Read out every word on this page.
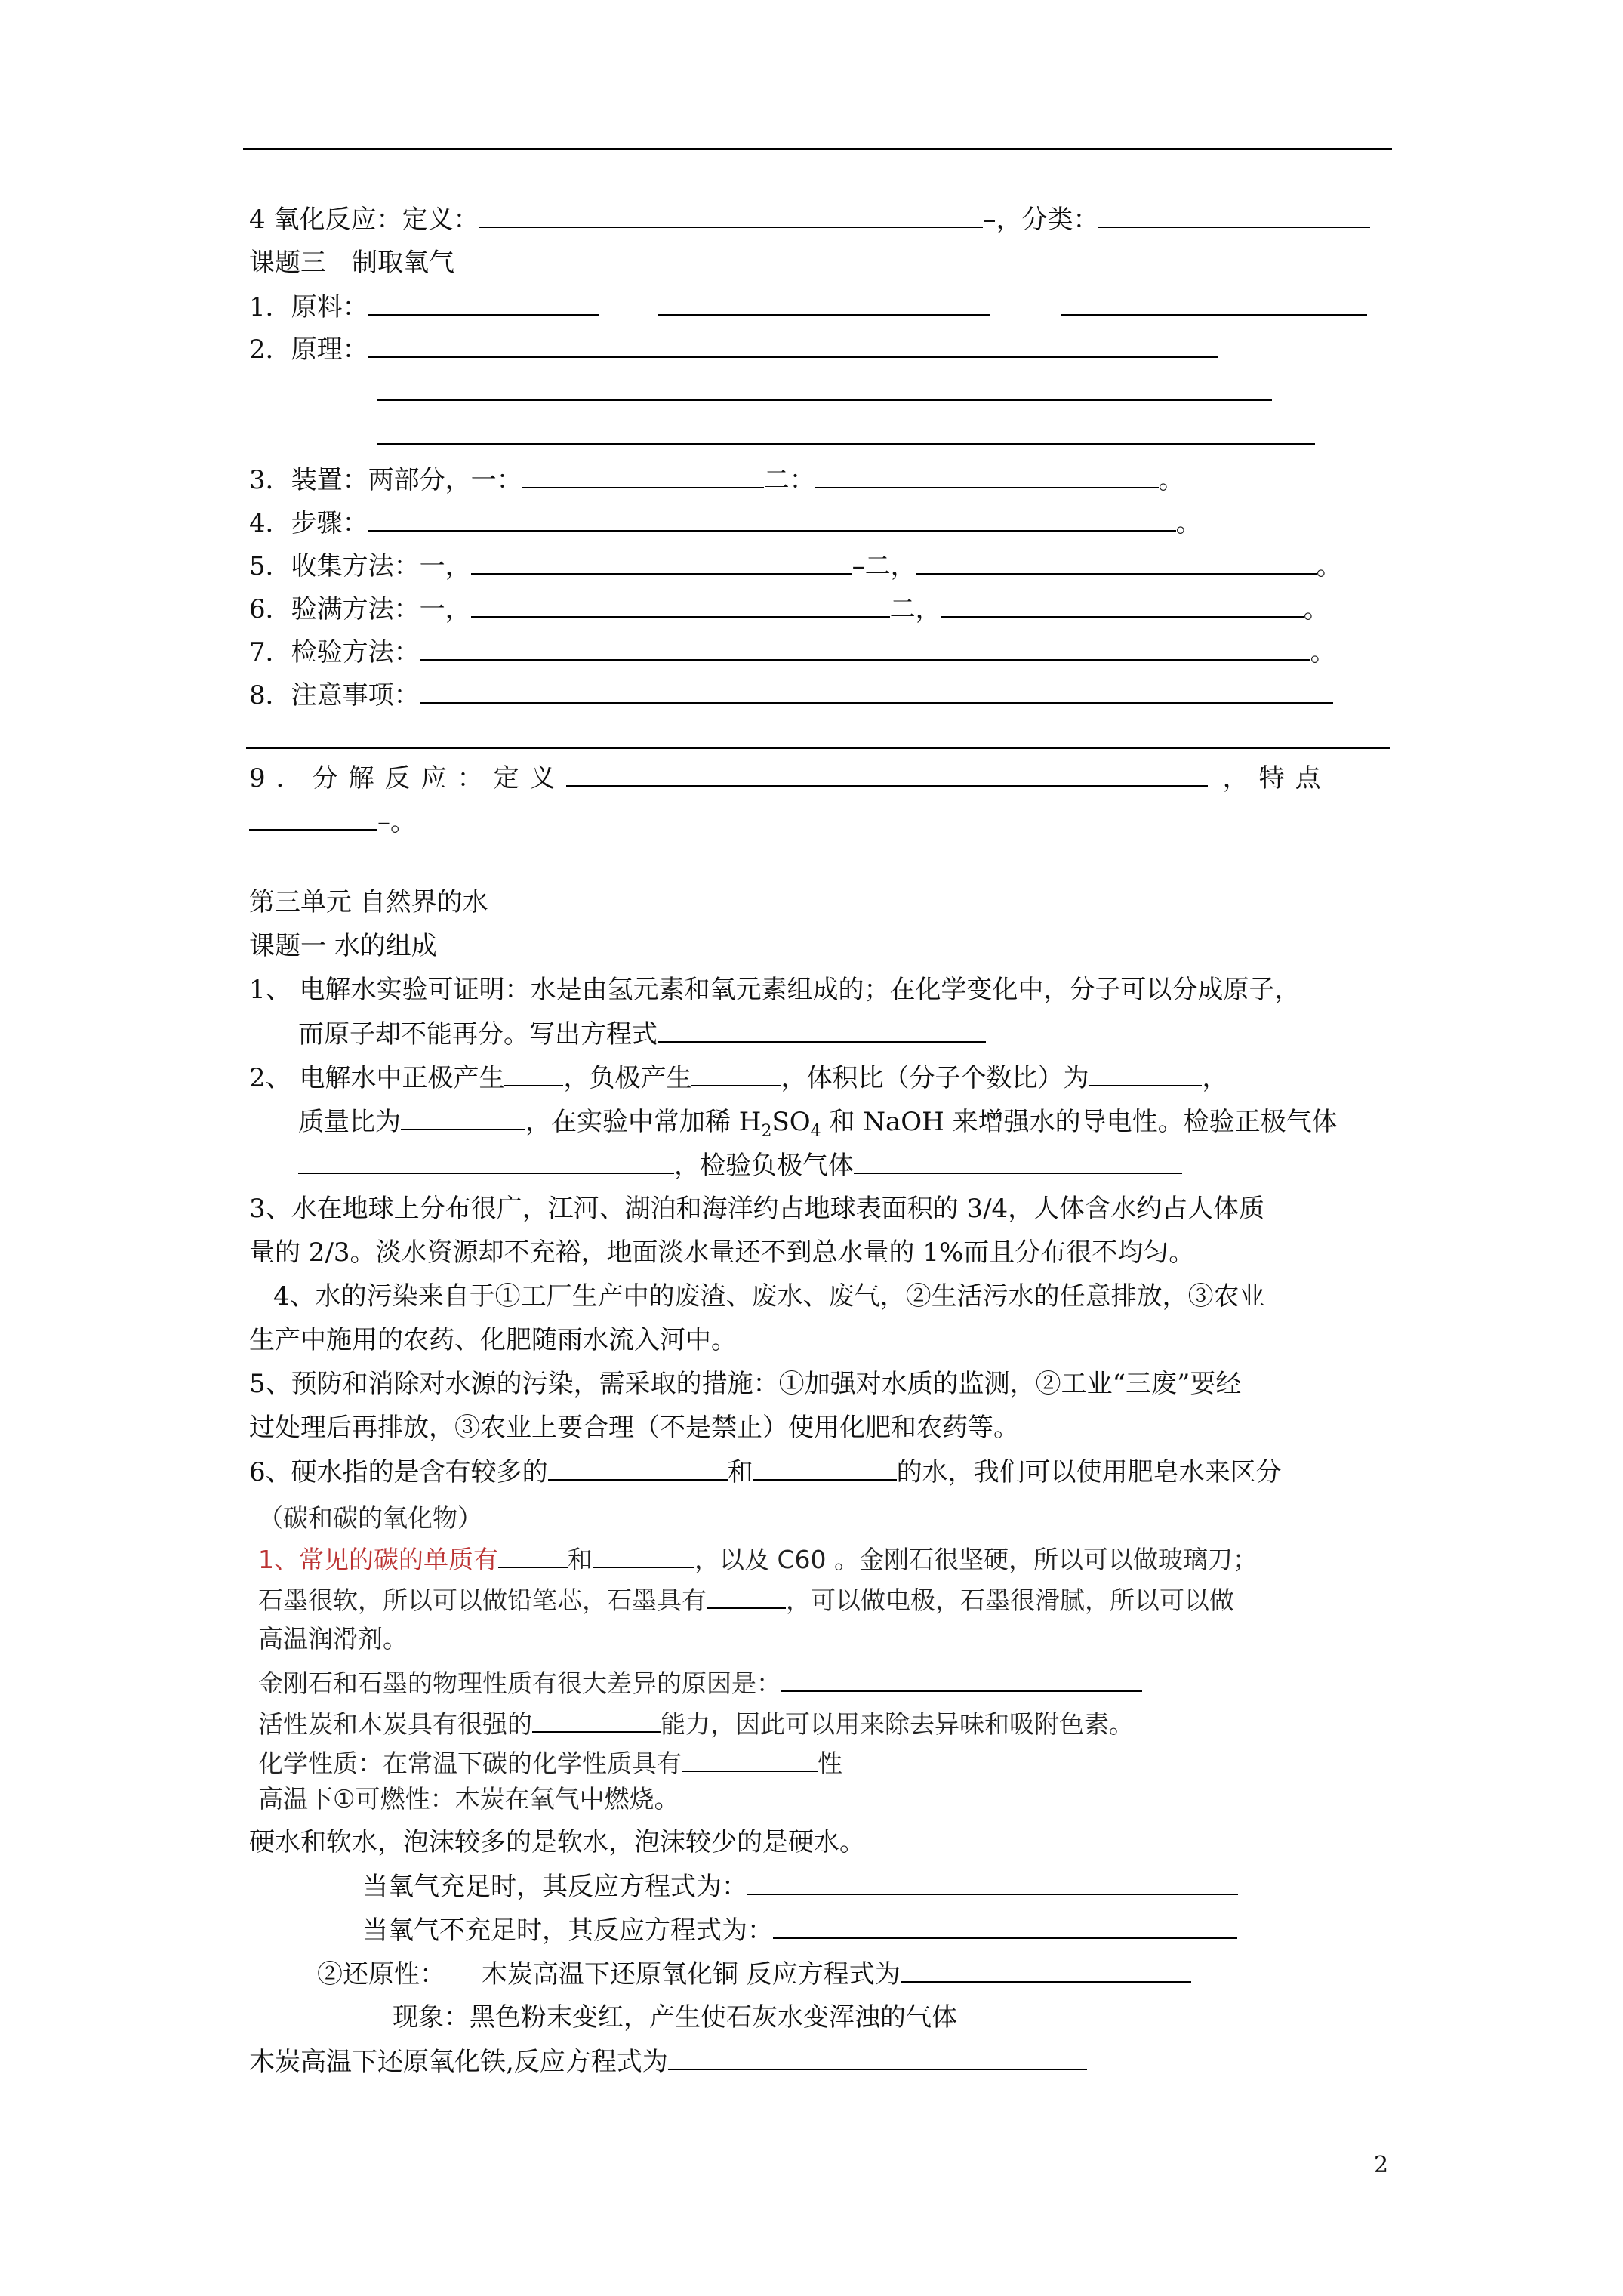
4 氧化反应：定义：	–，分类：
课题三　制取氧气
1．原料：
2．原理：
3．装置：两部分，一：	二：	。
4．步骤：	。
5．收集方法：一，	–二，	。
6．验满方法：一，	二，	。
7．检验方法：	。
8．注意事项：
9．分解反应：定义	，特点
–。
第三单元 自然界的水
课题一 水的组成
1、 电解水实验可证明：水是由氢元素和氧元素组成的；在化学变化中，分子可以分成原子，
而原子却不能再分。写出方程式
2、 电解水中正极产生 ，负极产生	，体积比（分子个数比）为	，
质量比为	，在实验中常加稀 $H_2SO_4$ 和 NaOH 来增强水的导电性。检验正极气体
，检验负极气体
3、水在地球上分布很广，江河、湖泊和海洋约占地球表面积的 3/4，人体含水约占人体质
量的 2/3。淡水资源却不充裕，地面淡水量还不到总水量的 1%而且分布很不均匀。
4、水的污染来自于①工厂生产中的废渣、废水、废气，②生活污水的任意排放，③农业
生产中施用的农药、化肥随雨水流入河中。
5、预防和消除对水源的污染，需采取的措施：①加强对水质的监测，②工业“三废”要经
过处理后再排放，③农业上要合理（不是禁止）使用化肥和农药等。
6、硬水指的是含有较多的	和	的水，我们可以使用肥皂水来区分
（碳和碳的氧化物）
1、常见的碳的单质有	和	，以及 C60 。金刚石很坚硬，所以可以做玻璃刀；
石墨很软，所以可以做铅笔芯，石墨具有	，可以做电极，石墨很滑腻，所以可以做
高温润滑剂。
金刚石和石墨的物理性质有很大差异的原因是：
活性炭和木炭具有很强的	能力，因此可以用来除去异味和吸附色素。
化学性质：在常温下碳的化学性质具有	性
高温下①可燃性：木炭在氧气中燃烧。
硬水和软水，泡沫较多的是软水，泡沫较少的是硬水。
当氧气充足时，其反应方程式为：
当氧气不充足时，其反应方程式为：
②还原性： 木炭高温下还原氧化铜 反应方程式为
现象：黑色粉末变红，产生使石灰水变浑浊的气体
木炭高温下还原氧化铁,反应方程式为
2
